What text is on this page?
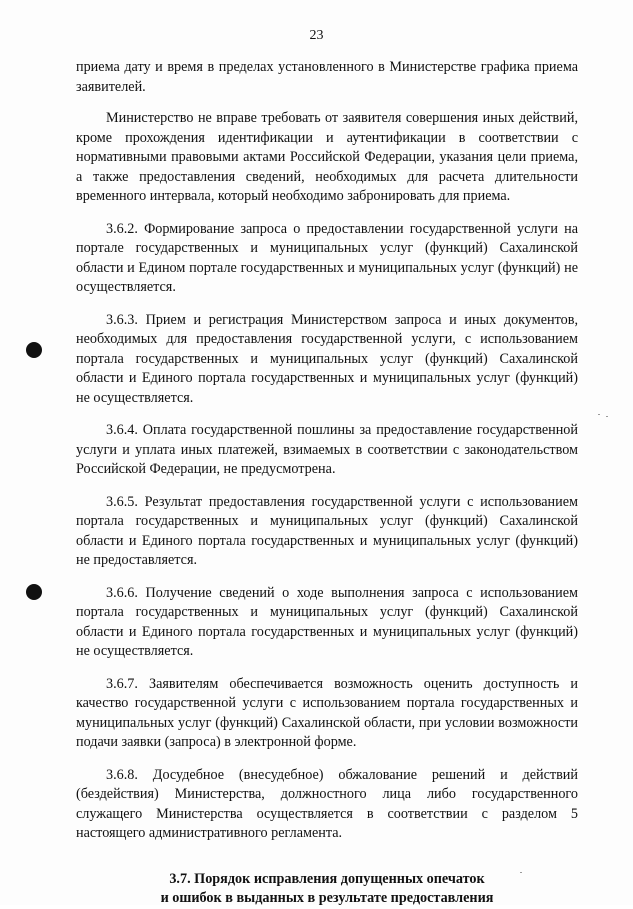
23

приема дату и время в пределах установленного в Министерстве графика приема заявителей.

Министерство не вправе требовать от заявителя совершения иных действий, кроме прохождения идентификации и аутентификации в соответствии с нормативными правовыми актами Российской Федерации, указания цели приема, а также предоставления сведений, необходимых для расчета длительности временного интервала, который необходимо забронировать для приема.

3.6.2. Формирование запроса о предоставлении государственной услуги на портале государственных и муниципальных услуг (функций) Сахалинской области и Едином портале государственных и муниципальных услуг (функций) не осуществляется.

3.6.3. Прием и регистрация Министерством запроса и иных документов, необходимых для предоставления государственной услуги, с использованием портала государственных и муниципальных услуг (функций) Сахалинской области и Единого портала государственных и муниципальных услуг (функций) не осуществляется.

3.6.4. Оплата государственной пошлины за предоставление государственной услуги и уплата иных платежей, взимаемых в соответствии с законодательством Российской Федерации, не предусмотрена.

3.6.5. Результат предоставления государственной услуги с использованием портала государственных и муниципальных услуг (функций) Сахалинской области и Единого портала государственных и муниципальных услуг (функций) не предоставляется.

3.6.6. Получение сведений о ходе выполнения запроса с использованием портала государственных и муниципальных услуг (функций) Сахалинской области и Единого портала государственных и муниципальных услуг (функций) не осуществляется.

3.6.7. Заявителям обеспечивается возможность оценить доступность и качество государственной услуги с использованием портала государственных и муниципальных услуг (функций) Сахалинской области, при условии возможности подачи заявки (запроса) в электронной форме.

3.6.8. Досудебное (внесудебное) обжалование решений и действий (бездействия) Министерства, должностного лица либо государственного служащего Министерства осуществляется в соответствии с разделом 5 настоящего административного регламента.

3.7. Порядок исправления допущенных опечаток
и ошибок в выданных в результате предоставления
